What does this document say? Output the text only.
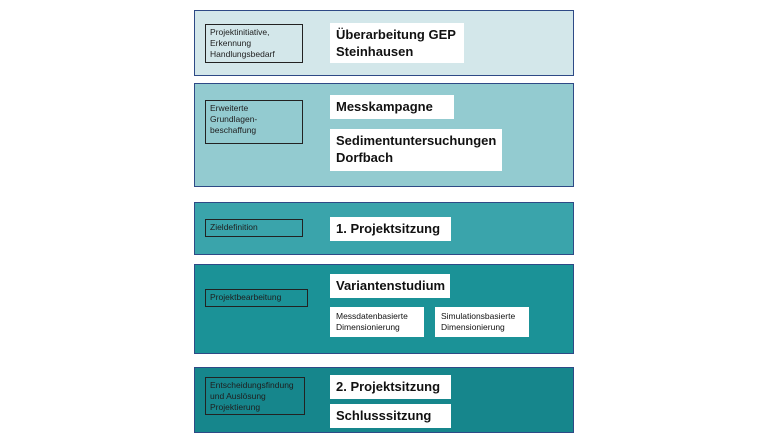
Projektinitiative,
Erkennung
Handlungsbedarf
Überarbeitung GEP
Steinhausen
Erweiterte
Grundlagen-
beschaffung
Messkampagne
Sedimentuntersuchungen
Dorfbach
Zieldefinition	1. Projektsitzung
Projektbearbeitung
Variantenstudium
Messdatenbasierte
Dimensionierung
Simulationsbasierte
Dimensionierung
Entscheidungsfindung
und Auslösung
Projektierung
2. Projektsitzung
Schlusssitzung
